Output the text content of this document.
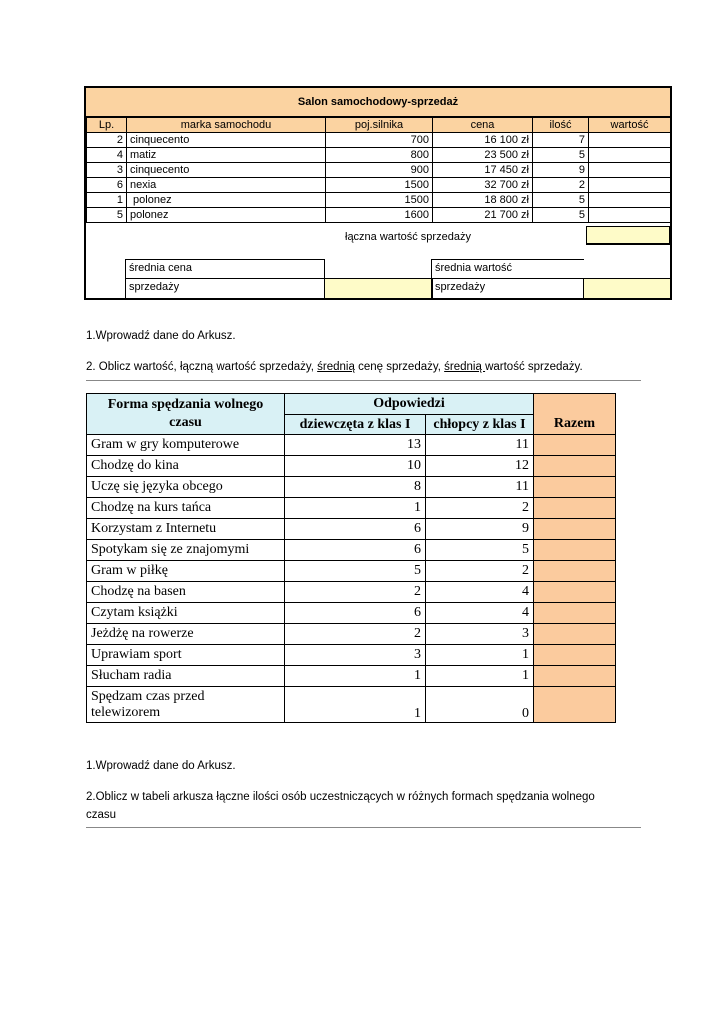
Salon samochodowy-sprzedaż
Lp.	marka samochodu	poj.silnika	cena	ilość	wartość
2	cinquecento	700	16 100 zł	7	
4	matiz	800	23 500 zł	5	
3	cinquecento	900	17 450 zł	9	
6	nexia	1500	32 700 zł	2	
1	polonez	1500	18 800 zł	5	
5	polonez	1600	21 700 zł	5	
łączna wartość sprzedaży
średnia cena
sprzedaży
średnia wartość
sprzedaży
1.Wprowadź dane do Arkusz.
2. Oblicz wartość, łączną wartość sprzedaży, średnią cenę sprzedaży, średnią wartość sprzedaży.
Forma spędzania wolnego czasu	Odpowiedzi		Razem
	dziewczęta z klas I	chłopcy z klas I	
Gram w gry komputerowe	13	11	
Chodzę do kina	10	12	
Uczę się języka obcego	8	11	
Chodzę na kurs tańca	1	2	
Korzystam z Internetu	6	9	
Spotykam się ze znajomymi	6	5	
Gram w piłkę	5	2	
Chodzę na basen	2	4	
Czytam książki	6	4	
Jeżdżę na rowerze	2	3	
Uprawiam sport	3	1	
Słucham radia	1	1	

Spędzam czas przed
telewizorem	1	0	
1.Wprowadź dane do Arkusz.
2.Oblicz w tabeli arkusza łączne ilości osób uczestniczących w różnych formach spędzania wolnego
czasu
